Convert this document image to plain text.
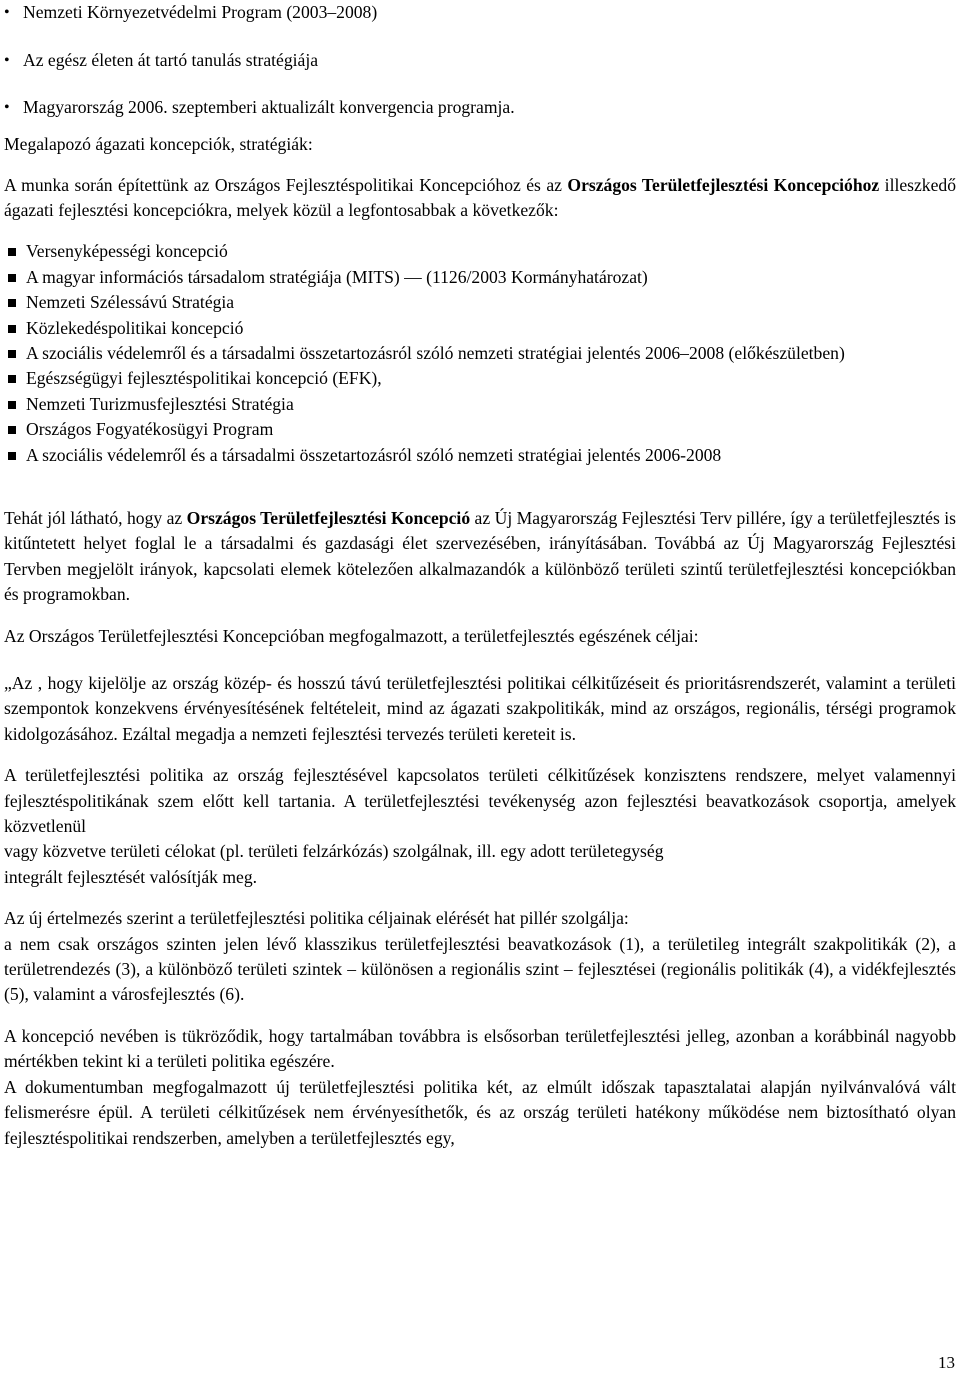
• Nemzeti Környezetvédelmi Program (2003–2008)
• Az egész életen át tartó tanulás stratégiája
• Magyarország 2006. szeptemberi aktualizált konvergencia programja.
Megalapozó ágazati koncepciók, stratégiák:

A munka során építettünk az Országos Fejlesztéspolitikai Koncepcióhoz és az Országos Területfejlesztési Koncepcióhoz illeszkedő ágazati fejlesztési koncepciókra, melyek közül a legfontosabbak a következők:

Versenyképességi koncepció
A magyar információs társadalom stratégiája (MITS) — (1126/2003 Kormányhatározat)
Nemzeti Szélessávú Stratégia
Közlekedéspolitikai koncepció
A szociális védelemről és a társadalmi összetartozásról szóló nemzeti stratégiai jelentés 2006–2008 (előkészületben)
Egészségügyi fejlesztéspolitikai koncepció (EFK),
Nemzeti Turizmusfejlesztési Stratégia
Országos Fogyatékosügyi Program
A szociális védelemről és a társadalmi összetartozásról szóló nemzeti stratégiai jelentés 2006-2008

Tehát jól látható, hogy az Országos Területfejlesztési Koncepció az Új Magyarország Fejlesztési Terv pillére, így a területfejlesztés is kitűntetett helyet foglal le a társadalmi és gazdasági élet szervezésében, irányításában. Továbbá az Új Magyarország Fejlesztési Tervben megjelölt irányok, kapcsolati elemek kötelezően alkalmazandók a különböző területi szintű területfejlesztési koncepciókban és programokban.

Az Országos Területfejlesztési Koncepcióban megfogalmazott, a területfejlesztés egészének céljai:

„Az , hogy kijelölje az ország közép- és hosszú távú területfejlesztési politikai célkitűzéseit és prioritásrendszerét, valamint a területi szempontok konzekvens érvényesítésének feltételeit, mind az ágazati szakpolitikák, mind az országos, regionális, térségi programok kidolgozásához. Ezáltal megadja a nemzeti fejlesztési tervezés területi kereteit is.

A területfejlesztési politika az ország fejlesztésével kapcsolatos területi célkitűzések konzisztens rendszere, melyet valamennyi fejlesztéspolitikának szem előtt kell tartania. A területfejlesztési tevékenység azon fejlesztési beavatkozások csoportja, amelyek közvetlenül
vagy közvetve területi célokat (pl. területi felzárkózás) szolgálnak, ill. egy adott területegység
integrált fejlesztését valósítják meg.

Az új értelmezés szerint a területfejlesztési politika céljainak elérését hat pillér szolgálja:
a nem csak országos szinten jelen lévő klasszikus területfejlesztési beavatkozások (1), a területileg integrált szakpolitikák (2), a területrendezés (3), a különböző területi szintek – különösen a regionális szint – fejlesztései (regionális politikák (4), a vidékfejlesztés (5), valamint a városfejlesztés (6).

A koncepció nevében is tükröződik, hogy tartalmában továbbra is elsősorban területfejlesztési jelleg, azonban a korábbinál nagyobb mértékben tekint ki a területi politika egészére.

A dokumentumban megfogalmazott új területfejlesztési politika két, az elmúlt időszak tapasztalatai alapján nyilvánvalóvá vált felismerésre épül. A területi célkitűzések nem érvényesíthetők, és az ország területi hatékony működése nem biztosítható olyan fejlesztéspolitikai rendszerben, amelyben a területfejlesztés egy,

13
